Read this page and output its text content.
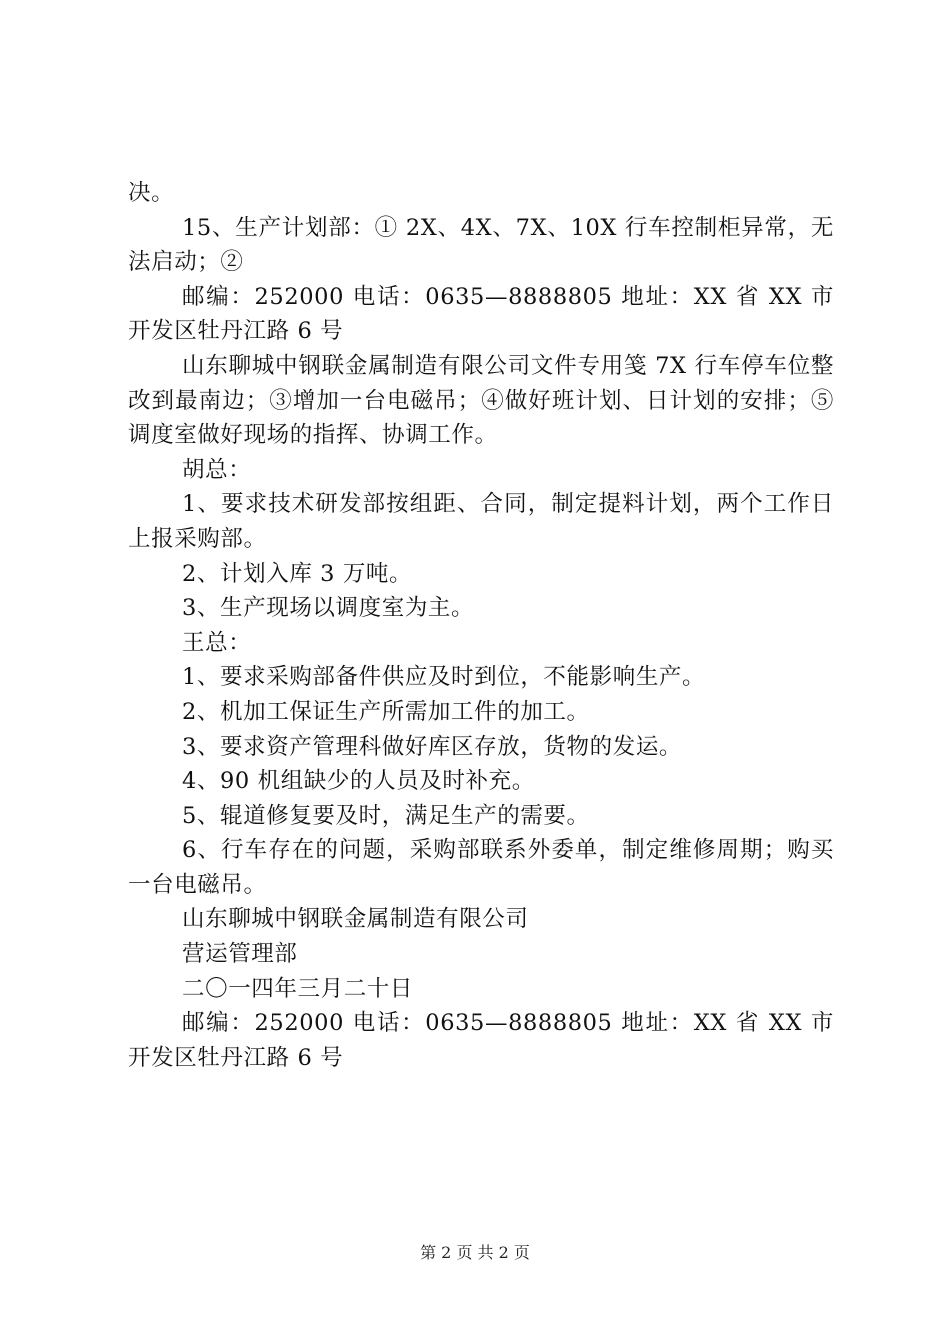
决。

15、生产计划部：① 2X、4X、7X、10X 行车控制柜异常，无法启动；②

邮编：252000 电话：0635—8888805 地址：XX 省 XX 市开发区牡丹江路 6 号

山东聊城中钢联金属制造有限公司文件专用笺 7X 行车停车位整改到最南边；③增加一台电磁吊；④做好班计划、日计划的安排；⑤调度室做好现场的指挥、协调工作。

胡总：

1、要求技术研发部按组距、合同，制定提料计划，两个工作日上报采购部。

2、计划入库 3 万吨。

3、生产现场以调度室为主。

王总：

1、要求采购部备件供应及时到位，不能影响生产。

2、机加工保证生产所需加工件的加工。

3、要求资产管理科做好库区存放，货物的发运。

4、90 机组缺少的人员及时补充。

5、辊道修复要及时，满足生产的需要。

6、行车存在的问题，采购部联系外委单，制定维修周期；购买一台电磁吊。

山东聊城中钢联金属制造有限公司

营运管理部

二〇一四年三月二十日

邮编：252000 电话：0635—8888805 地址：XX 省 XX 市开发区牡丹江路 6 号

第 2 页 共 2 页
